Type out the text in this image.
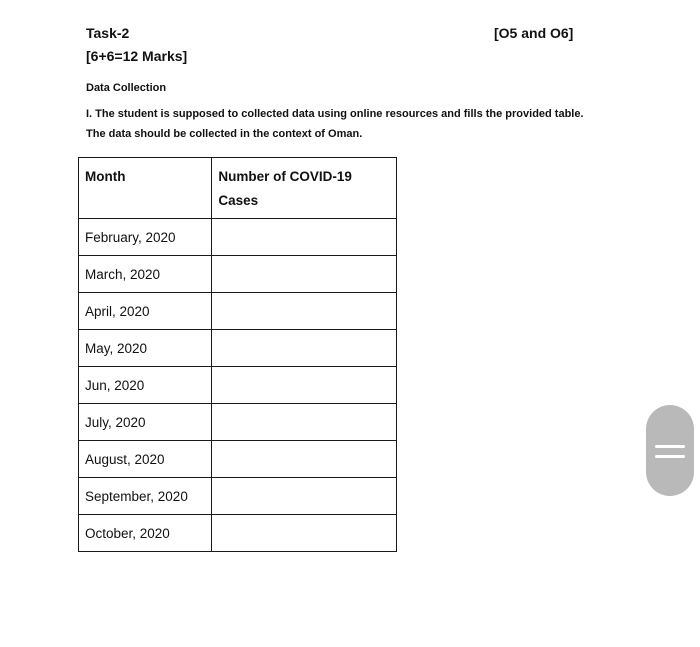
Task-2	[O5 and O6]
[6+6=12 Marks]
Data Collection
I. The student is supposed to collected data using online resources and fills the provided table.
The data should be collected in the context of Oman.
Month	Number of COVID-19 Cases
February, 2020	
March, 2020	
April, 2020	
May, 2020	
Jun, 2020	
July, 2020	
August, 2020	
September, 2020	
October, 2020	
